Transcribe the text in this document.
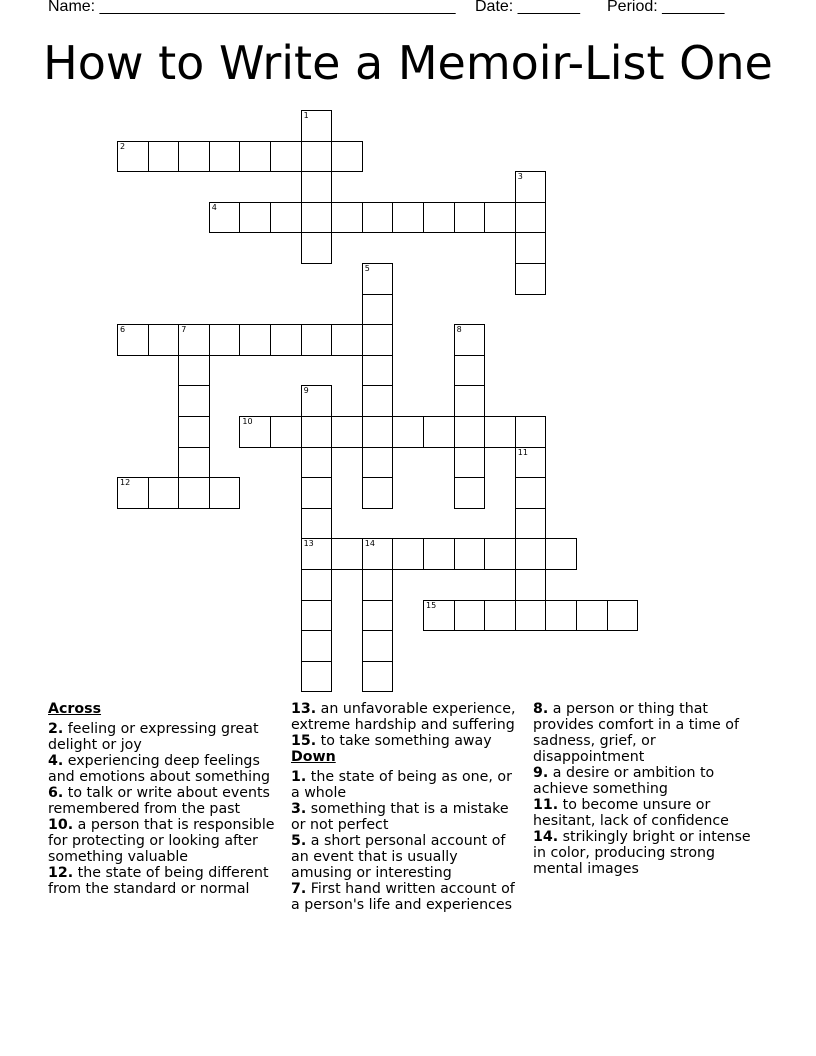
Name: ________________________________________ Date: _______ Period: _______
How to Write a Memoir-List One
1
2
3
4
5
6	7	8
9
13
10
11
12
14
15
Across
2. feeling or expressing great delight or joy
4. experiencing deep feelings and emotions about something
6. to talk or write about events remembered from the past
10. a person that is responsible for protecting or looking after something valuable
12. the state of being different from the standard or normal
13. an unfavorable experience, extreme hardship and suffering
15. to take something away
Down
1. the state of being as one, or a whole
3. something that is a mistake or not perfect
5. a short personal account of an event that is usually amusing or interesting
7. First hand written account of a person's life and experiences
8. a person or thing that provides comfort in a time of sadness, grief, or disappointment
9. a desire or ambition to achieve something
11. to become unsure or hesitant, lack of confidence
14. strikingly bright or intense in color, producing strong mental images
